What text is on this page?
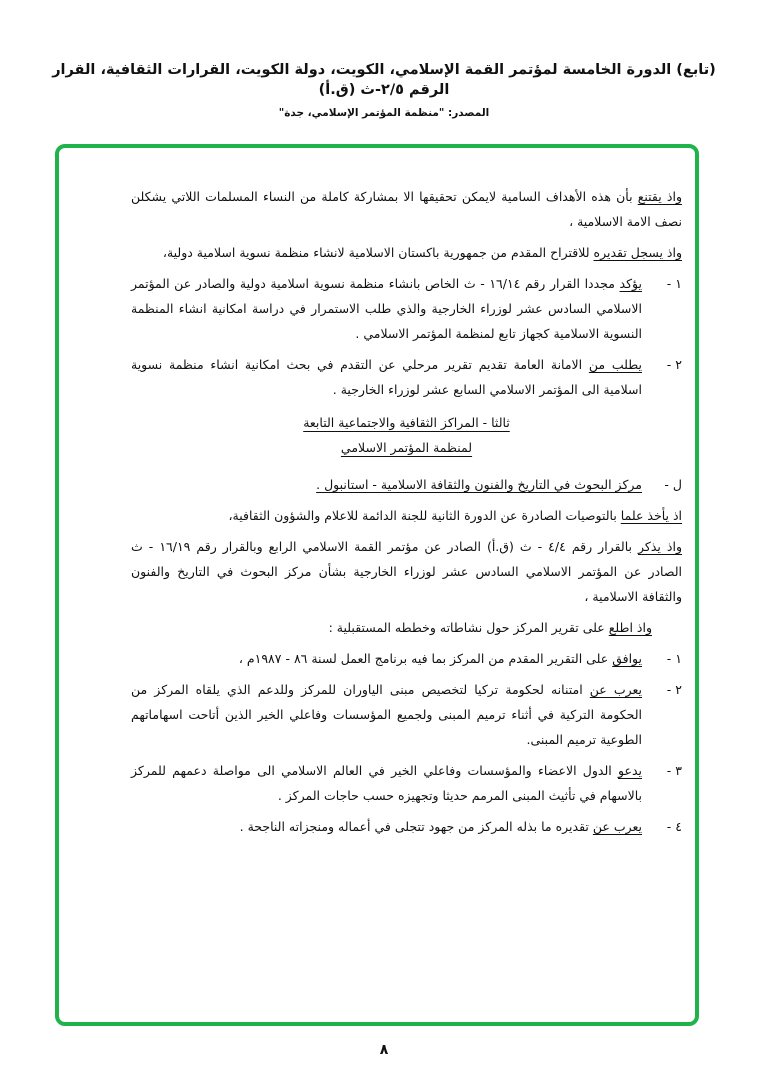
(تابع) الدورة الخامسة لمؤتمر القمة الإسلامي، الكويت، دولة الكويت، القرارات الثقافية، القرار الرقم ٢/٥-ث (ق.أ)
المصدر: "منظمة المؤتمر الإسلامي، جدة"
واذ يقتنع بأن هذه الأهداف السامية لايمكن تحقيقها الا بمشاركة كاملة من النساء المسلمات اللاتي يشكلن نصف الامة الاسلامية ،
واذ يسجل تقديره للاقتراح المقدم من جمهورية باكستان الاسلامية لانشاء منظمة نسوية اسلامية دولية،
١ -
يؤكد مجددا القرار رقم ١٦/١٤ - ث الخاص بانشاء منظمة نسوية اسلامية دولية والصادر عن المؤتمر الاسلامي السادس عشر لوزراء الخارجية والذي طلب الاستمرار في دراسة امكانية انشاء المنظمة النسوية الاسلامية كجهاز تابع لمنظمة المؤتمر الاسلامي .
٢ -
يطلب من الامانة العامة تقديم تقرير مرحلي عن التقدم في بحث امكانية انشاء منظمة نسوية اسلامية الى المؤتمر الاسلامي السابع عشر لوزراء الخارجية .
ثالثا - المراكز الثقافية والاجتماعية التابعة
لمنظمة المؤتمر الاسلامي
ل -
مركز البحوث في التاريخ والفنون والثقافة الاسلامية - استانبول .
اذ يأخذ علما بالتوصيات الصادرة عن الدورة الثانية للجنة الدائمة للاعلام والشؤون الثقافية،
واذ يذكر بالقرار رقم ٤/٤ - ث (ق.أ) الصادر عن مؤتمر القمة الاسلامي الرابع وبالقرار رقم ١٦/١٩ - ث الصادر عن المؤتمر الاسلامي السادس عشر لوزراء الخارجية بشأن مركز البحوث في التاريخ والفنون والثقافة الاسلامية ،
واذ اطلع على تقرير المركز حول نشاطاته وخططه المستقبلية :
١ -
يوافق على التقرير المقدم من المركز بما فيه برنامج العمل لسنة ٨٦ - ١٩٨٧م ،
٢ -
يعرب عن امتنانه لحكومة تركيا لتخصيص مبنى الياوران للمركز وللدعم الذي يلقاه المركز من الحكومة التركية في أثناء ترميم المبنى ولجميع المؤسسات وفاعلي الخير الذين أتاحت اسهاماتهم الطوعية ترميم المبنى.
٣ -
يدعو الدول الاعضاء والمؤسسات وفاعلي الخير في العالم الاسلامي الى مواصلة دعمهم للمركز بالاسهام في تأثيث المبنى المرمم حديثا وتجهيزه حسب حاجات المركز .
٤ -
يعرب عن تقديره ما بذله المركز من جهود تتجلى في أعماله ومنجزاته الناجحة .
٨
